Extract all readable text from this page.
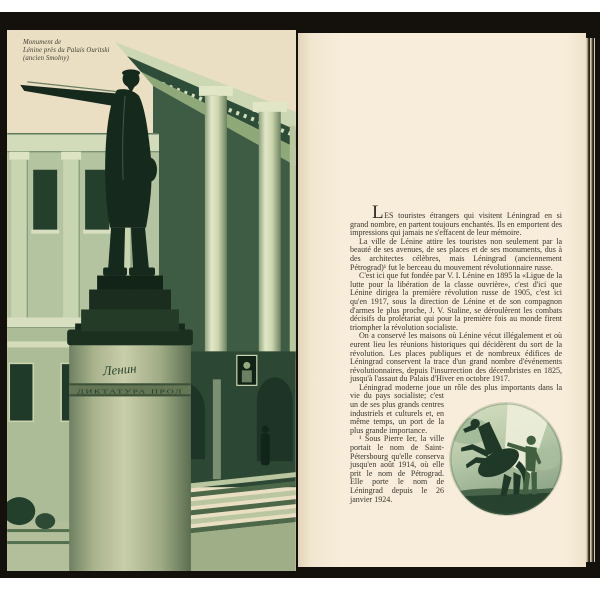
Monument de
Lénine près du Palais Ouritski
(ancien Smolny)
Ленин
ДИКТАТУРА ПРОЛ

LES touristes étrangers qui visitent Léningrad en si grand nombre, en partent toujours enchantés. Ils en emportent des impressions qui jamais ne s'effacent de leur mémoire.

La ville de Lénine attire les touristes non seulement par la beauté de ses avenues, de ses places et de ses monuments, dus à des architectes célèbres, mais Léningrad (anciennement Pétrograd)¹ fut le berceau du mouvement révolutionnaire russe.

C'est ici que fut fondée par V. I. Lénine en 1895 la «Ligue de la lutte pour la libération de la classe ouvrière», c'est d'ici que Lénine dirigea la première révolution russe de 1905, c'est ici qu'en 1917, sous la direction de Lénine et de son compagnon d'armes le plus proche, J. V. Staline, se déroulèrent les combats décisifs du prolétariat qui pour la première fois au monde firent triompher la révolution socialiste.

On a conservé les maisons où Lénine vécut illégalement et où eurent lieu les réunions historiques qui décidèrent du sort de la révolution. Les places publiques et de nombreux édifices de Léningrad conservent la trace d'un grand nombre d'événements révolutionnaires, depuis l'insurrection des décembristes en 1825, jusqu'à l'assaut du Palais d'Hiver en octobre 1917.

Léningrad moderne joue un rôle des plus importants dans la vie du pays socialiste; c'est un de ses plus grands centres industriels et culturels et, en même temps, un port de la plus grande importance.

¹ Sous Pierre Ier, la ville portait le nom de Saint-Pétersbourg qu'elle conserva jusqu'en août 1914, où elle prit le nom de Pétrograd. Elle porte le nom de Léningrad depuis le 26 janvier 1924.
